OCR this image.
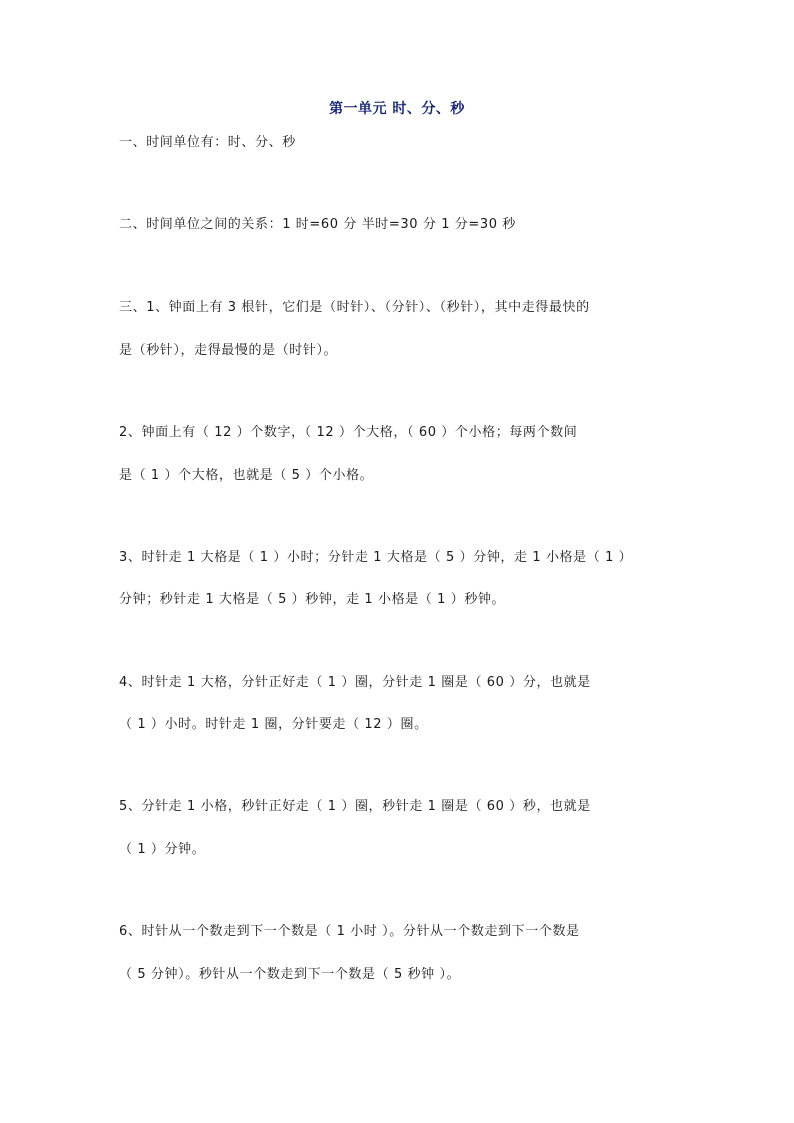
第一单元 时、分、秒
一、时间单位有：时、分、秒
二、时间单位之间的关系：1 时=60 分 半时=30 分 1 分=30 秒
三、1、钟面上有 3 根针，它们是（时针）、（分针）、（秒针），其中走得最快的
是（秒针），走得最慢的是（时针）。
2、钟面上有（ 12 ）个数字，（ 12 ）个大格，（ 60 ）个小格；每两个数间
是（ 1 ）个大格，也就是（ 5 ）个小格。
3、时针走 1 大格是（ 1 ）小时；分针走 1 大格是（ 5 ）分钟，走 1 小格是（ 1 ）
分钟；秒针走 1 大格是（ 5 ）秒钟，走 1 小格是（ 1 ）秒钟。
4、时针走 1 大格，分针正好走（ 1 ）圈，分针走 1 圈是（ 60 ）分，也就是
（ 1 ）小时。时针走 1 圈，分针要走（ 12 ）圈。
5、分针走 1 小格，秒针正好走（ 1 ）圈，秒针走 1 圈是（ 60 ）秒，也就是
（ 1 ）分钟。
6、时针从一个数走到下一个数是（ 1 小时 ）。分针从一个数走到下一个数是
（ 5 分钟）。秒针从一个数走到下一个数是（ 5 秒钟 ）。
